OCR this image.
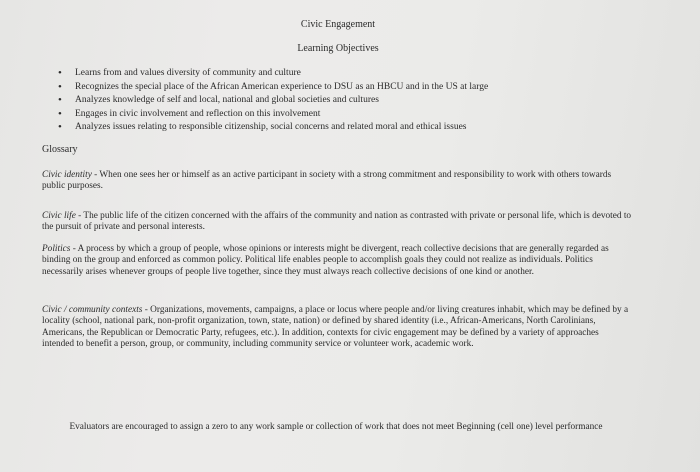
Civic Engagement
Learning Objectives
• Learns from and values diversity of community and culture
• Recognizes the special place of the African American experience to DSU as an HBCU and in the US at large
• Analyzes knowledge of self and local, national and global societies and cultures
• Engages in civic involvement and reflection on this involvement
• Analyzes issues relating to responsible citizenship, social concerns and related moral and ethical issues
Glossary
Civic identity - When one sees her or himself as an active participant in society with a strong commitment and responsibility to work with others towards public purposes.
Civic life - The public life of the citizen concerned with the affairs of the community and nation as contrasted with private or personal life, which is devoted to the pursuit of private and personal interests.
Politics - A process by which a group of people, whose opinions or interests might be divergent, reach collective decisions that are generally regarded as binding on the group and enforced as common policy. Political life enables people to accomplish goals they could not realize as individuals. Politics necessarily arises whenever groups of people live together, since they must always reach collective decisions of one kind or another.
Civic / community contexts - Organizations, movements, campaigns, a place or locus where people and/or living creatures inhabit, which may be defined by a locality (school, national park, non-profit organization, town, state, nation) or defined by shared identity (i.e., African-Americans, North Carolinians, Americans, the Republican or Democratic Party, refugees, etc.). In addition, contexts for civic engagement may be defined by a variety of approaches intended to benefit a person, group, or community, including community service or volunteer work, academic work.
Evaluators are encouraged to assign a zero to any work sample or collection of work that does not meet Beginning (cell one) level performance
